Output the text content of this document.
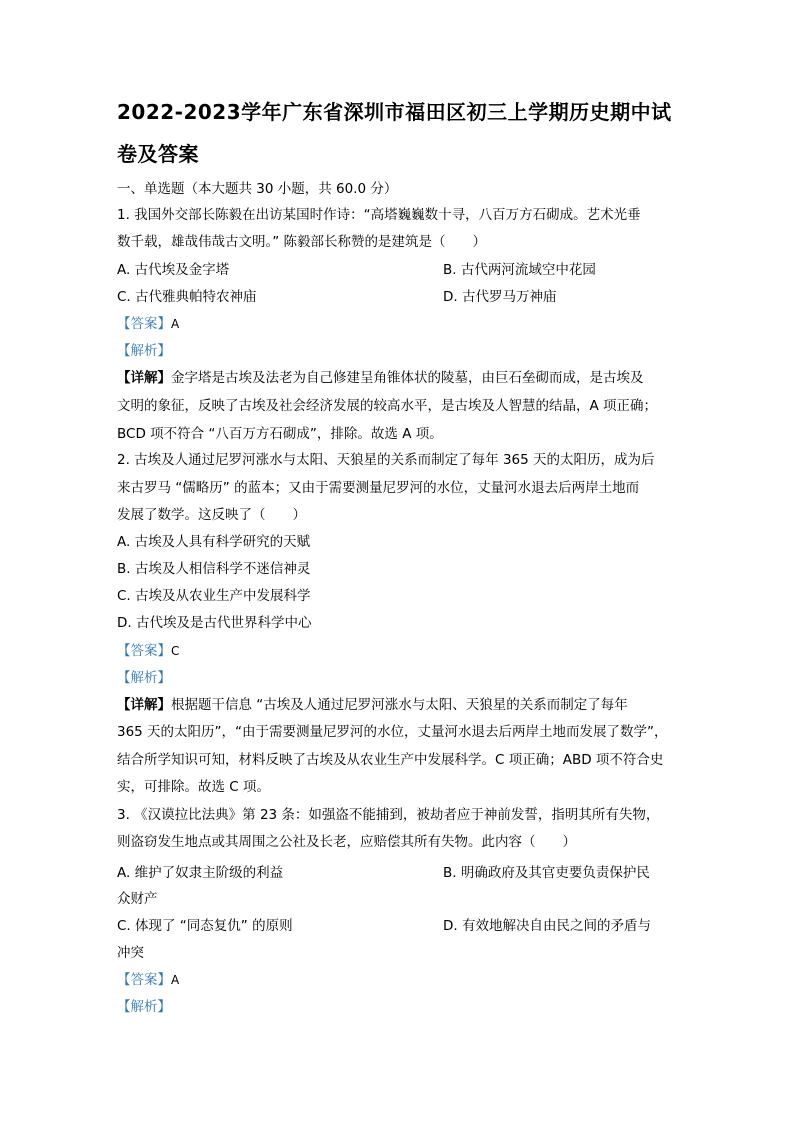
2022-2023学年广东省深圳市福田区初三上学期历史期中试
卷及答案
一、单选题（本大题共 30 小题，共 60.0 分）
1. 我国外交部长陈毅在出访某国时作诗：“高塔巍巍数十寻，八百万方石砌成。艺术光垂
数千载，雄哉伟哉古文明。” 陈毅部长称赞的是建筑是（　　）
A. 古代埃及金字塔	B. 古代两河流域空中花园
C. 古代雅典帕特农神庙	D. 古代罗马万神庙
【答案】A
【解析】
【详解】金字塔是古埃及法老为自己修建呈角锥体状的陵墓，由巨石垒砌而成，是古埃及
文明的象征，反映了古埃及社会经济发展的较高水平，是古埃及人智慧的结晶，A 项正确；
BCD 项不符合 “八百万方石砌成”，排除。故选 A 项。
2. 古埃及人通过尼罗河涨水与太阳、天狼星的关系而制定了每年 365 天的太阳历，成为后
来古罗马 “儒略历” 的蓝本；又由于需要测量尼罗河的水位，丈量河水退去后两岸土地而
发展了数学。这反映了（　　）
A. 古埃及人具有科学研究的天赋
B. 古埃及人相信科学不迷信神灵
C. 古埃及从农业生产中发展科学
D. 古代埃及是古代世界科学中心
【答案】C
【解析】
【详解】根据题干信息 “古埃及人通过尼罗河涨水与太阳、天狼星的关系而制定了每年
365 天的太阳历”，“由于需要测量尼罗河的水位，丈量河水退去后两岸土地而发展了数学”，
结合所学知识可知，材料反映了古埃及从农业生产中发展科学。C 项正确；ABD 项不符合史
实，可排除。故选 C 项。
3. 《汉谟拉比法典》第 23 条：如强盗不能捕到，被劫者应于神前发誓，指明其所有失物，
则盗窃发生地点或其周围之公社及长老，应赔偿其所有失物。此内容（　　）
A. 维护了奴隶主阶级的利益	B. 明确政府及其官吏要负责保护民
众财产
C. 体现了 “同态复仇” 的原则	D. 有效地解决自由民之间的矛盾与
冲突
【答案】A
【解析】
